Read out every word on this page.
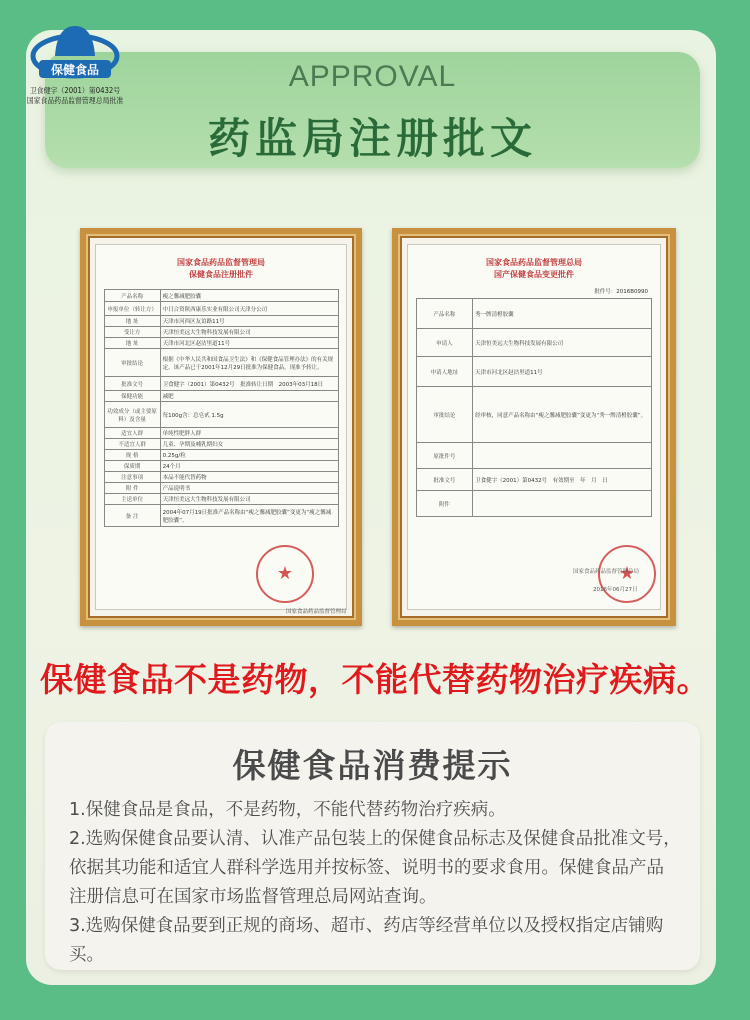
保健食品
卫食健字（2001）第0432号
国家食品药品监督管理总局批准
APPROVAL
药监局注册批文
国家食品药品监督管理局
保健食品注册批件
产品名称	瘦之馨减肥胶囊
申报单位（转让方）	中日合资陕西康乐实业有限公司天津分公司
地 址	天津市河西区友谊路11号
受让方	天津恒美远大生物科技发展有限公司
地 址	天津市河北区赵沽里道11号
审批结论	根据《中华人民共和国食品卫生法》和《保健食品管理办法》的有关规定，该产品已于2001年12月29日批准为保健食品，现准予转让。
批准文号	卫食健字（2001）第0432号　批准转让日期　2003年03月18日
保健功能	减肥
功效成分（或主要原料）及含量	每100g含：总皂甙 1.5g
适宜人群	单纯性肥胖人群
不适宜人群	儿童、孕期及哺乳期妇女
规 格	0.25g/粒
保质期	24个月
注意事项	本品不能代替药物
附 件	产品说明书
主送单位	天津恒美远大生物科技发展有限公司
备 注	2004年07月19日批准产品名称由“瘦之馨减肥胶囊”变更为“瘦之馨减肥胶囊”。
★
国家食品药品监督管理局
国家食品药品监督管理总局
国产保健食品变更批件
批件号：2016B0990
产品名称	秀一牌清橙胶囊
申请人	天津恒美远大生物科技发展有限公司
申请人地址	天津市河北区赵沽里道11号
审批结论	经审核，同意产品名称由“瘦之馨减肥胶囊”变更为“秀一牌清橙胶囊”。
原批件号	
批准文号	卫食健字（2001）第0432号　有效期至　年　月　日
附件	
★
国家食品药品监督管理总局
2016年06月27日
保健食品不是药物，不能代替药物治疗疾病。
保健食品消费提示
1.保健食品是食品，不是药物，不能代替药物治疗疾病。
2.选购保健食品要认清、认准产品包装上的保健食品标志及保健食品批准文号，依据其功能和适宜人群科学选用并按标签、说明书的要求食用。保健食品产品注册信息可在国家市场监督管理总局网站查询。
3.选购保健食品要到正规的商场、超市、药店等经营单位以及授权指定店铺购买。
